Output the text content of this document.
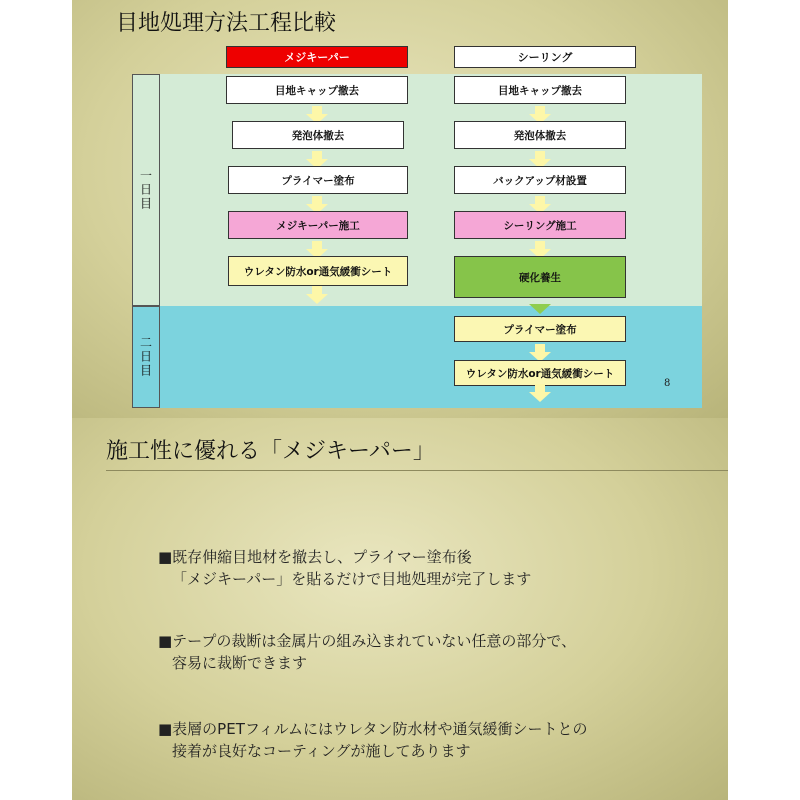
目地処理方法工程比較
一日目
二日目
メジキーパー	シーリング
目地キャップ撤去
発泡体撤去
プライマー塗布
メジキーパー施工
ウレタン防水or通気緩衝シート
目地キャップ撤去
発泡体撤去
バックアップ材設置
シーリング施工
硬化養生
プライマー塗布
ウレタン防水or通気緩衝シート
8
施工性に優れる「メジキーパー」
■既存伸縮目地材を撤去し、プライマー塗布後
「メジキーパー」を貼るだけで目地処理が完了します
■テープの裁断は金属片の組み込まれていない任意の部分で、
容易に裁断できます
■表層のPETフィルムにはウレタン防水材や通気緩衝シートとの
接着が良好なコーティングが施してあります
